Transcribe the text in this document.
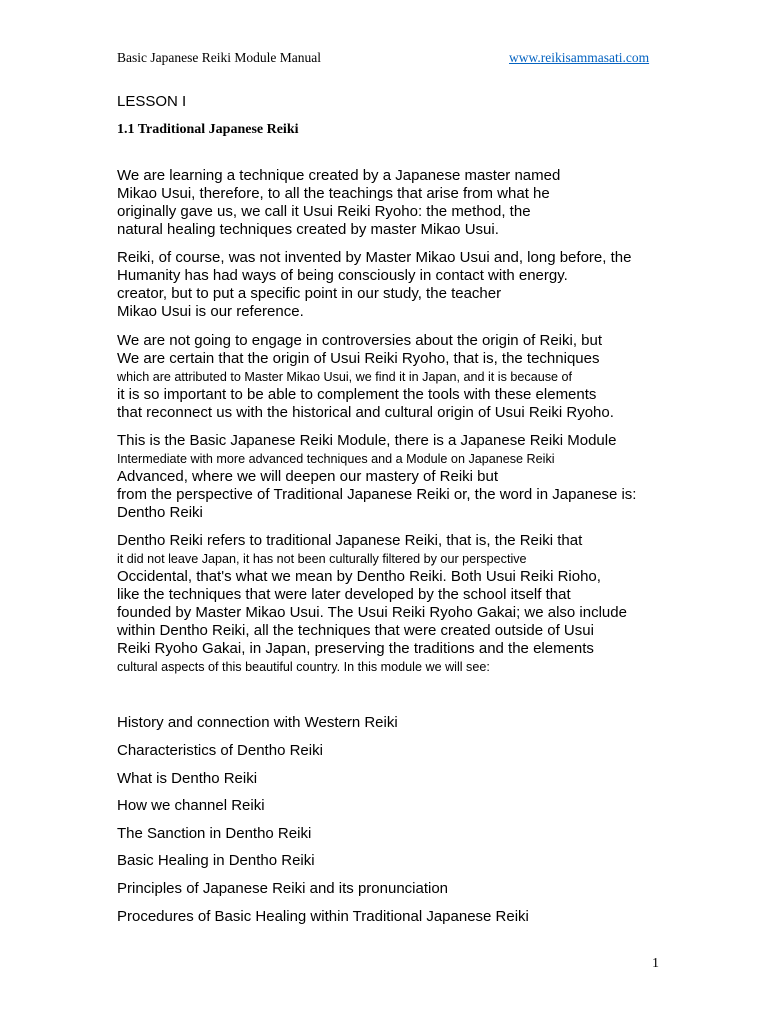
Basic Japanese Reiki Module Manual	www.reikisammasati.com
LESSON I
1.1 Traditional Japanese Reiki
We are learning a technique created by a Japanese master named
Mikao Usui, therefore, to all the teachings that arise from what he
originally gave us, we call it Usui Reiki Ryoho: the method, the
natural healing techniques created by master Mikao Usui.
Reiki, of course, was not invented by Master Mikao Usui and, long before, the
Humanity has had ways of being consciously in contact with energy.
creator, but to put a specific point in our study, the teacher
Mikao Usui is our reference.
We are not going to engage in controversies about the origin of Reiki, but
We are certain that the origin of Usui Reiki Ryoho, that is, the techniques
which are attributed to Master Mikao Usui, we find it in Japan, and it is because of
it is so important to be able to complement the tools with these elements
that reconnect us with the historical and cultural origin of Usui Reiki Ryoho.
This is the Basic Japanese Reiki Module, there is a Japanese Reiki Module
Intermediate with more advanced techniques and a Module on Japanese Reiki
Advanced, where we will deepen our mastery of Reiki but
from the perspective of Traditional Japanese Reiki or, the word in Japanese is:
Dentho Reiki
Dentho Reiki refers to traditional Japanese Reiki, that is, the Reiki that
it did not leave Japan, it has not been culturally filtered by our perspective
Occidental, that's what we mean by Dentho Reiki. Both Usui Reiki Rioho,
like the techniques that were later developed by the school itself that
founded by Master Mikao Usui. The Usui Reiki Ryoho Gakai; we also include
within Dentho Reiki, all the techniques that were created outside of Usui
Reiki Ryoho Gakai, in Japan, preserving the traditions and the elements
cultural aspects of this beautiful country. In this module we will see:
History and connection with Western Reiki
Characteristics of Dentho Reiki
What is Dentho Reiki
How we channel Reiki
The Sanction in Dentho Reiki
Basic Healing in Dentho Reiki
Principles of Japanese Reiki and its pronunciation
Procedures of Basic Healing within Traditional Japanese Reiki
1
